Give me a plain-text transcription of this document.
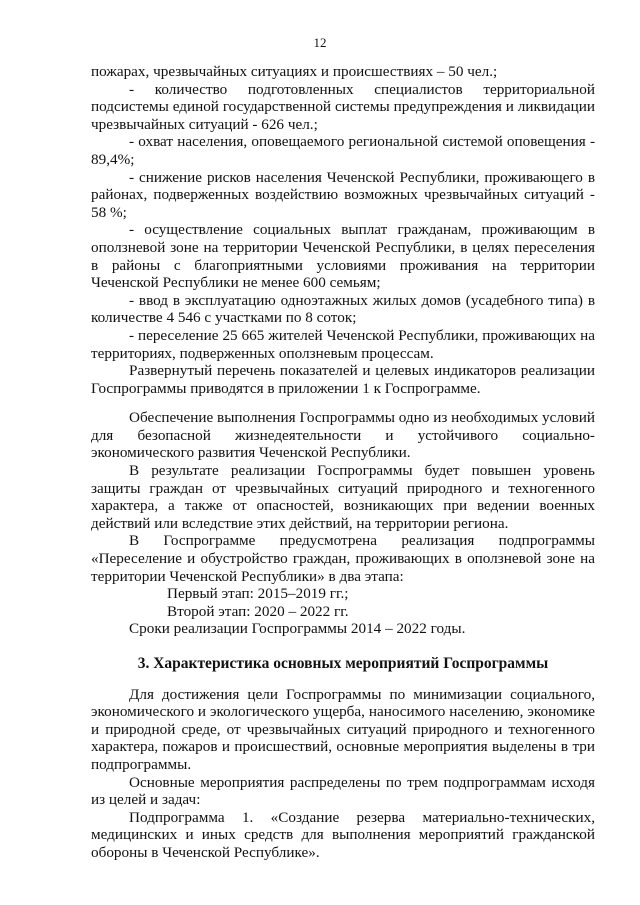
12

пожарах, чрезвычайных ситуациях и происшествиях – 50 чел.;

- количество подготовленных специалистов территориальной подсистемы единой государственной системы предупреждения и ликвидации чрезвычайных ситуаций - 626 чел.;

- охват населения, оповещаемого региональной системой оповещения - 89,4%;

- снижение рисков населения Чеченской Республики, проживающего в районах, подверженных воздействию возможных чрезвычайных ситуаций - 58 %;

- осуществление социальных выплат гражданам, проживающим в оползневой зоне на территории Чеченской Республики, в целях переселения в районы с благоприятными условиями проживания на территории Чеченской Республики не менее 600 семьям;

- ввод в эксплуатацию одноэтажных жилых домов (усадебного типа) в количестве 4 546 с участками по 8 соток;

- переселение 25 665 жителей Чеченской Республики, проживающих на территориях, подверженных оползневым процессам.

Развернутый перечень показателей и целевых индикаторов реализации Госпрограммы приводятся в приложении 1 к Госпрограмме.

Обеспечение выполнения Госпрограммы одно из необходимых условий для безопасной жизнедеятельности и устойчивого социально-экономического развития Чеченской Республики.

В результате реализации Госпрограммы будет повышен уровень защиты граждан от чрезвычайных ситуаций природного и техногенного характера, а также от опасностей, возникающих при ведении военных действий или вследствие этих действий, на территории региона.

В Госпрограмме предусмотрена реализация подпрограммы «Переселение и обустройство граждан, проживающих в оползневой зоне на территории Чеченской Республики» в два этапа:

Первый этап: 2015–2019 гг.;

Второй этап: 2020 – 2022 гг.

Сроки реализации Госпрограммы 2014 – 2022 годы.

3. Характеристика основных мероприятий Госпрограммы

Для достижения цели Госпрограммы по минимизации социального, экономического и экологического ущерба, наносимого населению, экономике и природной среде, от чрезвычайных ситуаций природного и техногенного характера, пожаров и происшествий, основные мероприятия выделены в три подпрограммы.

Основные мероприятия распределены по трем подпрограммам исходя из целей и задач:

Подпрограмма 1. «Создание резерва материально-технических, медицинских и иных средств для выполнения мероприятий гражданской обороны в Чеченской Республике».
